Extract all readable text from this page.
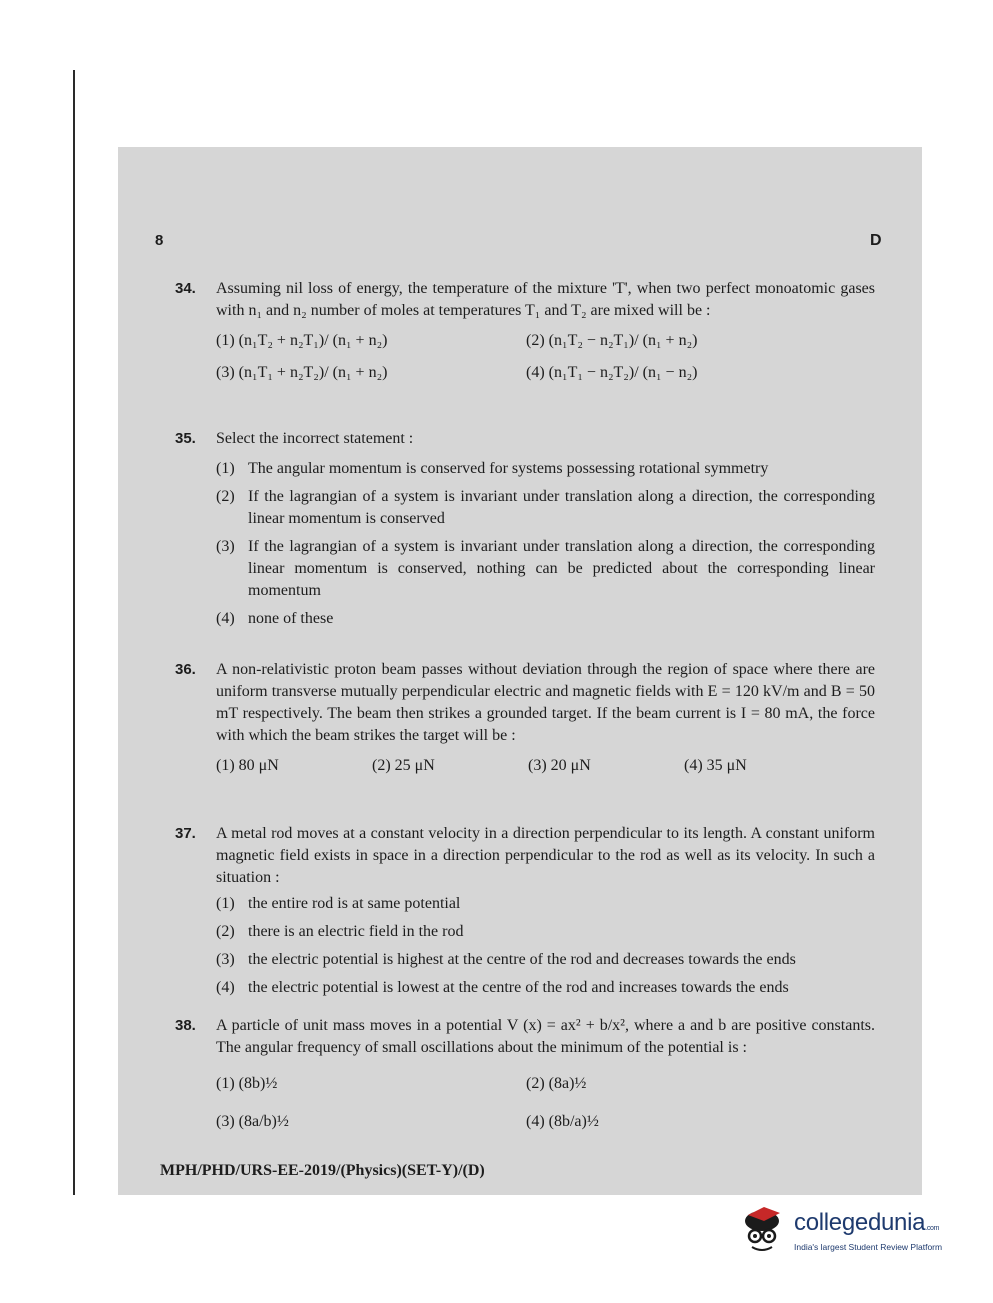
8	D
34. Assuming nil loss of energy, the temperature of the mixture 'T', when two perfect monoatomic gases with n₁ and n₂ number of moles at temperatures T₁ and T₂ are mixed will be :
(1) (n₁T₂ + n₂T₁)/ (n₁ + n₂)	(2) (n₁T₂ − n₂T₁)/ (n₁ + n₂)
(3) (n₁T₁ + n₂T₂)/ (n₁ + n₂)	(4) (n₁T₁ − n₂T₂)/ (n₁ − n₂)
35. Select the incorrect statement :
(1) The angular momentum is conserved for systems possessing rotational symmetry
(2) If the lagrangian of a system is invariant under translation along a direction, the corresponding linear momentum is conserved
(3) If the lagrangian of a system is invariant under translation along a direction, the corresponding linear momentum is conserved, nothing can be predicted about the corresponding linear momentum
(4) none of these
36. A non-relativistic proton beam passes without deviation through the region of space where there are uniform transverse mutually perpendicular electric and magnetic fields with E = 120 kV/m and B = 50 mT respectively. The beam then strikes a grounded target. If the beam current is I = 80 mA, the force with which the beam strikes the target will be :
(1) 80 μN	(2) 25 μN	(3) 20 μN	(4) 35 μN
37. A metal rod moves at a constant velocity in a direction perpendicular to its length. A constant uniform magnetic field exists in space in a direction perpendicular to the rod as well as its velocity. In such a situation :
(1) the entire rod is at same potential
(2) there is an electric field in the rod
(3) the electric potential is highest at the centre of the rod and decreases towards the ends
(4) the electric potential is lowest at the centre of the rod and increases towards the ends
38. A particle of unit mass moves in a potential V (x) = ax² + b/x², where a and b are positive constants. The angular frequency of small oscillations about the minimum of the potential is :
(1) (8b)½	(2) (8a)½
(3) (8a/b)½	(4) (8b/a)½
MPH/PHD/URS-EE-2019/(Physics)(SET-Y)/(D)
collegedunia.com
India's largest Student Review Platform
